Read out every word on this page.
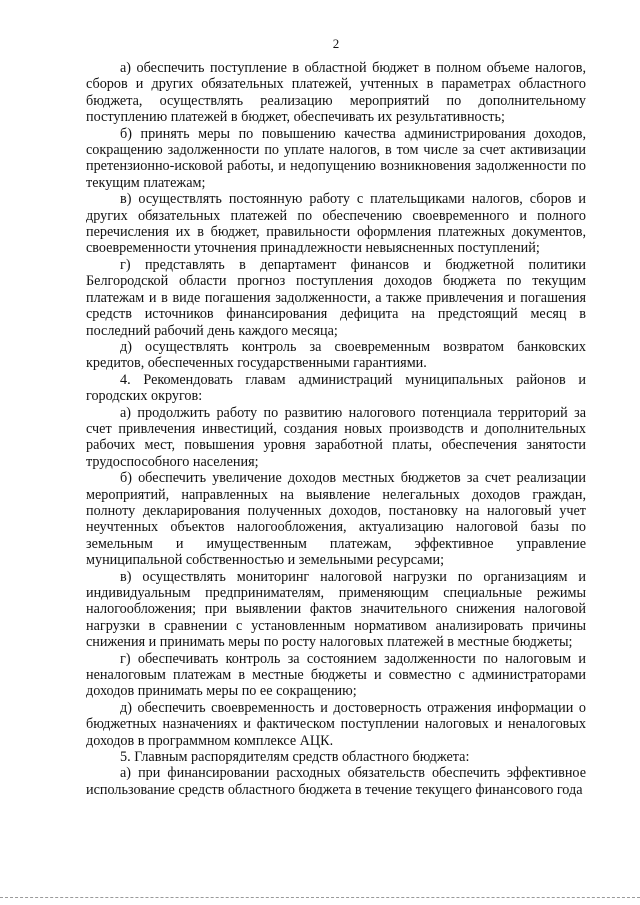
2

а) обеспечить поступление в областной бюджет в полном объеме налогов, сборов и других обязательных платежей, учтенных в параметрах областного бюджета, осуществлять реализацию мероприятий по дополнительному поступлению платежей в бюджет, обеспечивать их результативность;

б) принять меры по повышению качества администрирования доходов, сокращению задолженности по уплате налогов, в том числе за счет активизации претензионно-исковой работы, и недопущению возникновения задолженности по текущим платежам;

в) осуществлять постоянную работу с плательщиками налогов, сборов и других обязательных платежей по обеспечению своевременного и полного перечисления их в бюджет, правильности оформления платежных документов, своевременности уточнения принадлежности невыясненных поступлений;

г) представлять в департамент финансов и бюджетной политики Белгородской области прогноз поступления доходов бюджета по текущим платежам и в виде погашения задолженности, а также привлечения и погашения средств источников финансирования дефицита на предстоящий месяц в последний рабочий день каждого месяца;

д) осуществлять контроль за своевременным возвратом банковских кредитов, обеспеченных государственными гарантиями.

4. Рекомендовать главам администраций муниципальных районов и городских округов:

а) продолжить работу по развитию налогового потенциала территорий за счет привлечения инвестиций, создания новых производств и дополнительных рабочих мест, повышения уровня заработной платы, обеспечения занятости трудоспособного населения;

б) обеспечить увеличение доходов местных бюджетов за счет реализации мероприятий, направленных на выявление нелегальных доходов граждан, полноту декларирования полученных доходов, постановку на налоговый учет неучтенных объектов налогообложения, актуализацию налоговой базы по земельным и имущественным платежам, эффективное управление муниципальной собственностью и земельными ресурсами;

в) осуществлять мониторинг налоговой нагрузки по организациям и индивидуальным предпринимателям, применяющим специальные режимы налогообложения; при выявлении фактов значительного снижения налоговой нагрузки в сравнении с установленным нормативом анализировать причины снижения и принимать меры по росту налоговых платежей в местные бюджеты;

г) обеспечивать контроль за состоянием задолженности по налоговым и неналоговым платежам в местные бюджеты и совместно с администраторами доходов принимать меры по ее сокращению;

д) обеспечить своевременность и достоверность отражения информации о бюджетных назначениях и фактическом поступлении налоговых и неналоговых доходов в программном комплексе АЦК.

5. Главным распорядителям средств областного бюджета:

а) при финансировании расходных обязательств обеспечить эффективное использование средств областного бюджета в течение текущего финансового года
